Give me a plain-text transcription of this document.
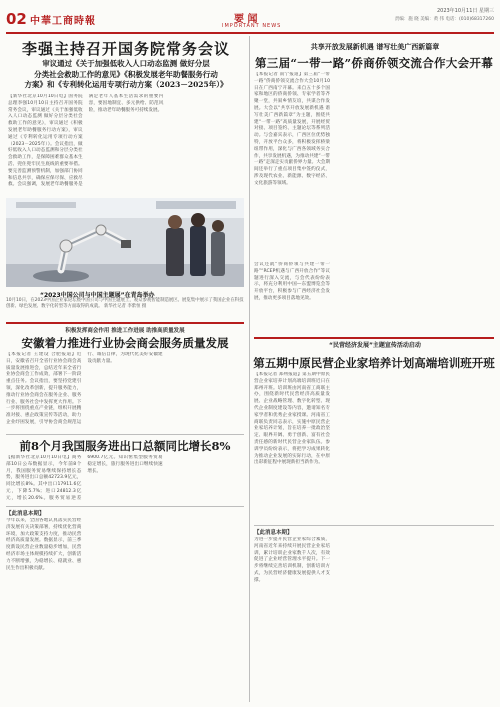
02 中華工商時報	要 闻
IMPORTANT NEWS
2023年10月11日 星期三
责编：施 晓 美编：黄 伟 电话：(010)68317260
李强主持召开国务院常务会议
审议通过《关于加强低收入人口动态监测 做好分层
分类社会救助工作的意见》《积极发展老年助餐服务行动
方案》和《专利转化运用专项行动方案（2023－2025年）》

【新华社北京10月10日电】国务院总理李强10月10日主持召开国务院常务会议，审议通过《关于加强低收入人口动态监测 做好分层分类社会救助工作的意见》，审议通过《积极发展老年助餐服务行动方案》，审议通过《专利转化运用专项行动方案（2023－2025年）》。会议指出，做好低收入人口动态监测和分层分类社会救助工作，是保障困难群众基本生活、兜住兜牢民生底线的重要举措。要完善监测预警机制，加强部门协同和信息共享，确保应保尽保、应救尽救。会议强调，发展老年助餐服务是满足老年人基本生活需求的重要内容，要因地制宜、多元供给、防范风险，推动老年助餐服务可持续发展。

“2023中国公司与中国主题展”在青岛举办
10月10日，在2023中国企业家论坛暨中国公司与中国主题展上，观众参观智能制造展区。展览集中展示了我国企业在科技创新、绿色发展、数字化转型等方面取得的成就。 新华社记者 李紫恒 摄
积极发挥商会作用 推进工作进展 助推高质量发展
安徽着力推进行业协会商会服务质量发展

【本报记者 王建设 合肥报道】近日，安徽省召开全省行业协会商会高质量发展推进会，总结近年来全省行业协会商会工作成效，部署下一阶段重点任务。会议指出，要坚持党建引领，深化改革创新，提升服务能力，推动行业协会商会在服务企业、服务行业、服务社会中发挥更大作用。下一步将围绕重点产业链，组织开展精准对接、惠企政策宣传等活动，助力企业纾困发展，引导协会商会规范运行、诚信自律，为现代化美好安徽建设贡献力量。

前8个月我国服务进出口总额同比增长8%

【据新华社北京10月10日电】商务部10日公布数据显示，今年前8个月，我国服务贸易继续保持增长态势，服务进出口总额42723.9亿元，同比增长8%。其中出口17911.6亿元，下降5.7%；进口24812.3亿元，增长20.6%。服务贸易逆差6900.7亿元。知识密集型服务贸易稳定增长，旅行服务进出口继续快速增长。

【此消息本期】

今年以来，全国各地认真落实民营经济发展有关决策部署，持续优化营商环境，加大政策支持力度，推动民营经济高质量发展。数据显示，前三季度新设民营企业数量稳步增加，民营经济市场主体规模持续扩大，创新活力不断增强，为稳增长、稳就业、惠民生作出积极贡献。

共享开放发展新机遇 谱写壮美广西新篇章
第三届“一带一路”侨商侨领交流合作大会开幕

【本报记者 南宁报道】第三届“一带一路”侨商侨领交流合作大会10月10日在广西南宁开幕。来自五十多个国家和地区的侨商侨领、专家学者等齐聚一堂，共叙乡情友谊，共谋合作发展。大会以“共享开放发展新机遇 谱写壮美广西新篇章”为主题，围绕共建“一带一路”高质量发展，开展经贸对接、项目签约、主题论坛等系列活动。与会嘉宾表示，广西区位优势独特，开放平台众多，将积极发挥桥梁纽带作用，深化与广西各领域务实合作，共享发展机遇，为推动共建“一带一路”走深走实贡献侨界力量。大会期间还举行了重点项目集中签约仪式，涉及现代农业、新能源、数字经济、文化旅游等领域。

会议还就“侨商侨领与共建一带一路”“RCEP机遇与广西开放合作”等议题进行深入交流，与会代表纷纷表示，将充分利用中国—东盟博览会等开放平台，积极参与广西经济社会发展，推动更多项目落地见效。

“民营经济发展”主题宣传活动启动
第五期中原民营企业家培养计划高端培训班开班

【本报记者 郑州报道】第五期中原民营企业家培养计划高端培训班近日在郑州开班。培训班由河南省工商联主办，围绕新时代民营经济高质量发展、企业战略管理、数字化转型、现代企业制度建设等内容，邀请知名专家学者和优秀企业家授课。河南省工商联负责同志表示，实施中原民营企业家培养计划，旨在培养一批政治坚定、眼界开阔、勇于创新、富有社会责任感的新时代民营企业家队伍。参训学员纷纷表示，将把学习成果转化为推动企业发展的实际行动，在中原出彩新征程中展现新担当新作为。

【此消息本期】

为进一步提升民营企业家综合素质，河南省近年来持续开展民营企业家培训，累计培训企业家数千人次，有效促进了企业经营管理水平提升。下一步将继续完善培训机制，创新培训方式，为民营经济健康发展提供人才支撑。
